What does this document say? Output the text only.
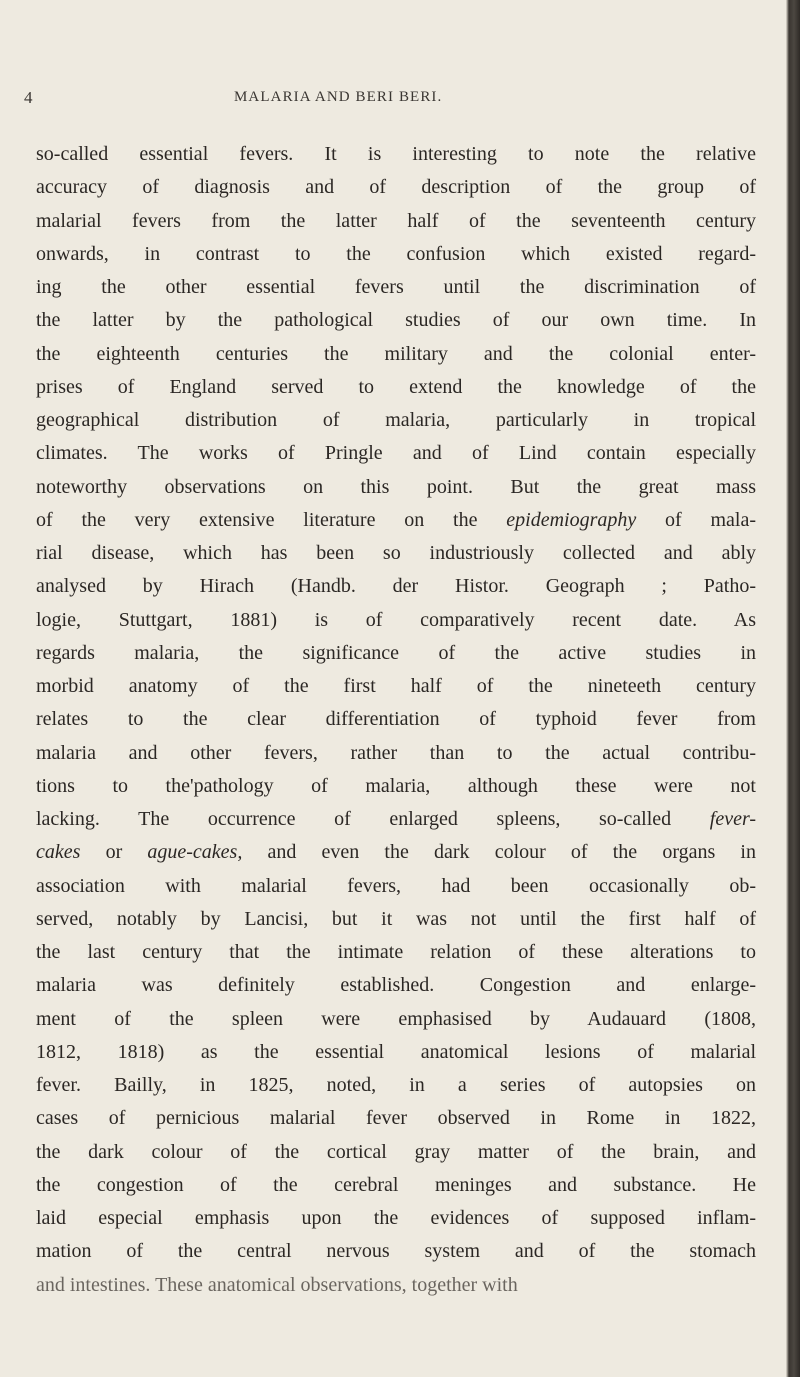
4	MALARIA AND BERI BERI.
so-called essential fevers. It is interesting to note the relative
accuracy of diagnosis and of description of the group of
malarial fevers from the latter half of the seventeenth century
onwards, in contrast to the confusion which existed regard-
ing the other essential fevers until the discrimination of
the latter by the pathological studies of our own time. In
the eighteenth centuries the military and the colonial enter-
prises of England served to extend the knowledge of the
geographical distribution of malaria, particularly in tropical
climates. The works of Pringle and of Lind contain especially
noteworthy observations on this point. But the great mass
of the very extensive literature on the epidemiography of mala-
rial disease, which has been so industriously collected and ably
analysed by Hirach (Handb. der Histor. Geograph ; Patho-
logie, Stuttgart, 1881) is of comparatively recent date. As
regards malaria, the significance of the active studies in
morbid anatomy of the first half of the nineteeth century
relates to the clear differentiation of typhoid fever from
malaria and other fevers, rather than to the actual contribu-
tions to the'pathology of malaria, although these were not
lacking. The occurrence of enlarged spleens, so-called fever-
cakes or ague-cakes, and even the dark colour of the organs in
association with malarial fevers, had been occasionally ob-
served, notably by Lancisi, but it was not until the first half of
the last century that the intimate relation of these alterations to
malaria was definitely established. Congestion and enlarge-
ment of the spleen were emphasised by Audauard (1808,
1812, 1818) as the essential anatomical lesions of malarial
fever. Bailly, in 1825, noted, in a series of autopsies on
cases of pernicious malarial fever observed in Rome in 1822,
the dark colour of the cortical gray matter of the brain, and
the congestion of the cerebral meninges and substance. He
laid especial emphasis upon the evidences of supposed inflam-
mation of the central nervous system and of the stomach
and intestines. These anatomical observations, together with
